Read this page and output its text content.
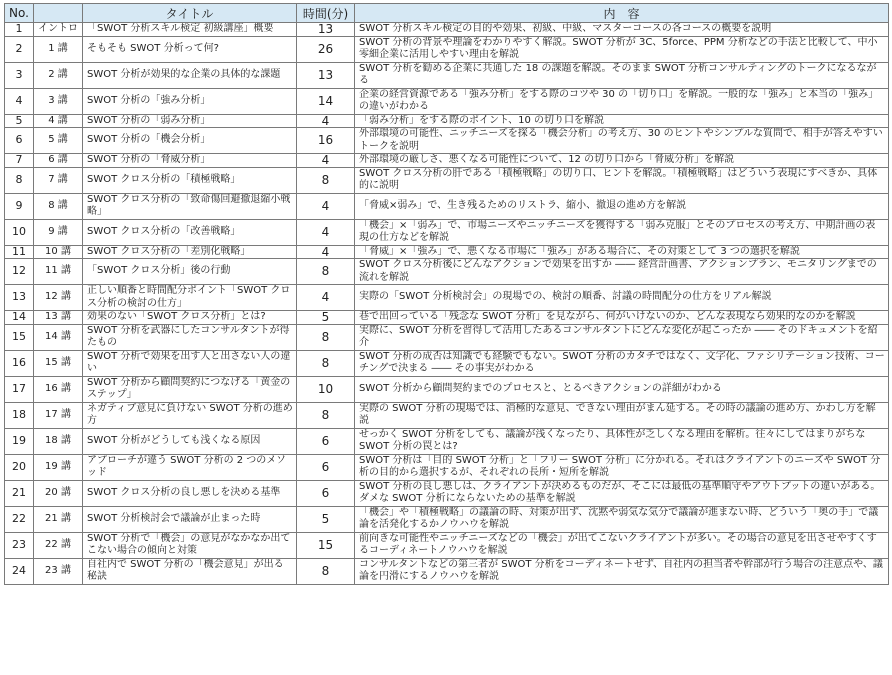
No.		タイトル	時間(分)	内　容
1	イントロ	「SWOT 分析スキル検定 初級講座」概要	13	SWOT 分析スキル検定の目的や効果、初級、中級、マスターコースの各コースの概要を説明
2	1 講	そもそも SWOT 分析って何?	26	SWOT 分析の背景や理論をわかりやすく解説。SWOT 分析が 3C、5force、PPM 分析などの手法と比較して、中小零細企業に活用しやすい理由を解説
3	2 講	SWOT 分析が効果的な企業の具体的な課題	13	SWOT 分析を勧める企業に共通した 18 の課題を解説。そのまま SWOT 分析コンサルティングのトークになるながる
4	3 講	SWOT 分析の「強み分析」	14	企業の経営資源である「強み分析」をする際のコツや 30 の「切り口」を解説。一般的な「強み」と本当の「強み」の違いがわかる
5	4 講	SWOT 分析の「弱み分析」	4	「弱み分析」をする際のポイント、10 の切り口を解説
6	5 講	SWOT 分析の「機会分析」	16	外部環境の可能性、ニッチニーズを探る「機会分析」の考え方、30 のヒントやシンプルな質問で、相手が答えやすいトークを説明
7	6 講	SWOT 分析の「脅威分析」	4	外部環境の厳しさ、悪くなる可能性について、12 の切り口から「脅威分析」を解説
8	7 講	SWOT クロス分析の「積極戦略」	8	SWOT クロス分析の肝である「積極戦略」の切り口、ヒントを解説。「積極戦略」はどういう表現にすべきか、具体的に説明
9	8 講	SWOT クロス分析の「致命傷回避撤退縮小戦略」	4	「脅威×弱み」で、生き残るためのリストラ、縮小、撤退の進め方を解説
10	9 講	SWOT クロス分析の「改善戦略」	4	「機会」×「弱み」で、市場ニーズやニッチニーズを獲得する「弱み克服」とそのプロセスの考え方、中期計画の表現の仕方などを解説
11	10 講	SWOT クロス分析の「差別化戦略」	4	「脅威」×「強み」で、悪くなる市場に「強み」がある場合に、その対策として 3 つの選択を解説
12	11 講	「SWOT クロス分析」後の行動	8	SWOT クロス分析後にどんなアクションで効果を出すか ―― 経営計画書、アクションプラン、モニタリングまでの流れを解説
13	12 講	正しい順番と時間配分ポイント「SWOT クロス分析の検討の仕方」	4	実際の「SWOT 分析検討会」の現場での、検討の順番、討議の時間配分の仕方をリアル解説
14	13 講	効果のない「SWOT クロス分析」とは?	5	巷で出回っている「残念な SWOT 分析」を見ながら、何がいけないのか、どんな表現なら効果的なのかを解説
15	14 講	SWOT 分析を武器にしたコンサルタントが得たもの	8	実際に、SWOT 分析を習得して活用したあるコンサルタントにどんな変化が起こったか ―― そのドキュメントを紹介
16	15 講	SWOT 分析で効果を出す人と出さない人の違い	8	SWOT 分析の成否は知識でも経験でもない。SWOT 分析のカタチではなく、文字化、ファシリテーション技術、コーチングで決まる ―― その事実がわかる
17	16 講	SWOT 分析から顧問契約につなげる「黄金のステップ」	10	SWOT 分析から顧問契約までのプロセスと、とるべきアクションの詳細がわかる
18	17 講	ネガティブ意見に負けない SWOT 分析の進め方	8	実際の SWOT 分析の現場では、消極的な意見、できない理由がまん延する。その時の議論の進め方、かわし方を解説
19	18 講	SWOT 分析がどうしても浅くなる原因	6	せっかく SWOT 分析をしても、議論が浅くなったり、具体性が乏しくなる理由を解析。往々にしてはまりがちな SWOT 分析の罠とは?
20	19 講	アプローチが違う SWOT 分析の 2 つのメソッド	6	SWOT 分析は「目的 SWOT 分析」と「フリー SWOT 分析」に分かれる。それはクライアントのニーズや SWOT 分析の目的から選択するが、それぞれの長所・短所を解説
21	20 講	SWOT クロス分析の良し悪しを決める基準	6	SWOT 分析の良し悪しは、クライアントが決めるものだが、そこには最低の基準順守やアウトプットの違いがある。ダメな SWOT 分析にならないための基準を解説
22	21 講	SWOT 分析検討会で議論が止まった時	5	「機会」や「積極戦略」の議論の時、対策が出ず、沈黙や弱気な気分で議論が進まない時、どういう「奥の手」で議論を活発化するかノウハウを解説
23	22 講	SWOT 分析で「機会」の意見がなかなか出てこない場合の傾向と対策	15	前向きな可能性やニッチニーズなどの「機会」が出てこないクライアントが多い。その場合の意見を出させやすくするコーディネートノウハウを解説
24	23 講	自社内で SWOT 分析の「機会意見」が出る秘訣	8	コンサルタントなどの第三者が SWOT 分析をコーディネートせず、自社内の担当者や幹部が行う場合の注意点や、議論を円滑にするノウハウを解説
